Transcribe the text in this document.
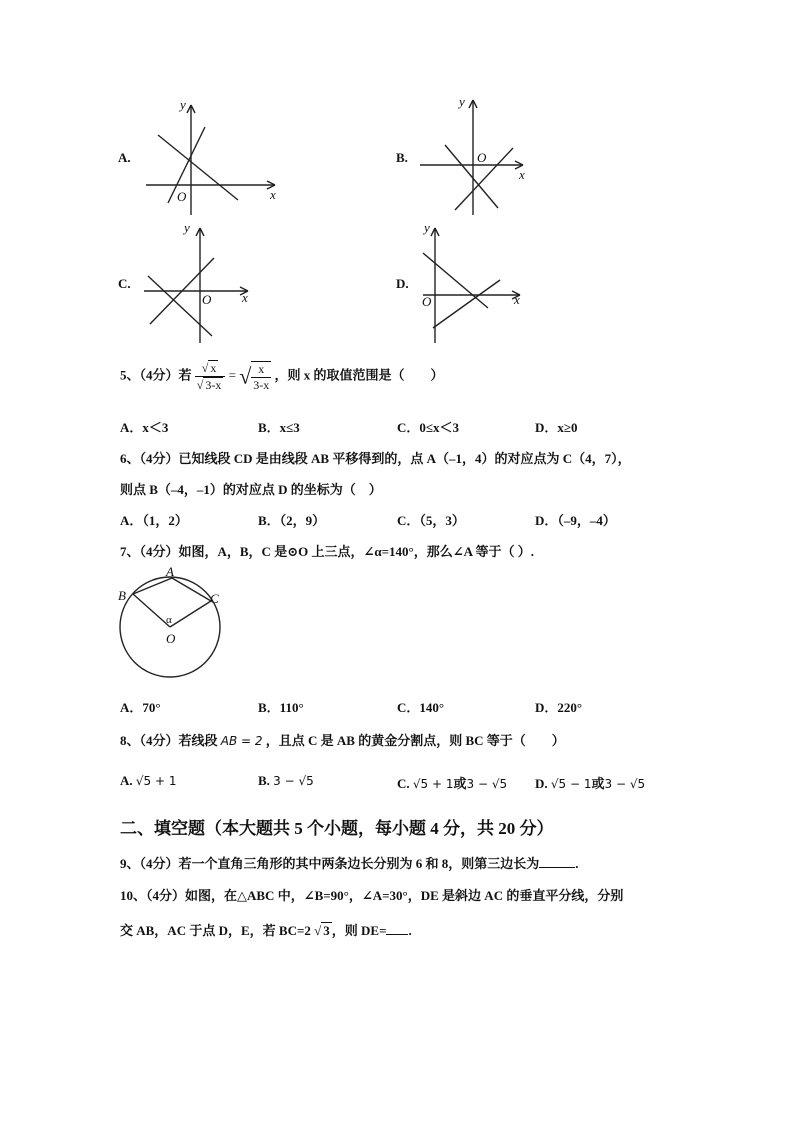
A.
x
y
O
B.
x
y
O
C.
x
y
O
D.
x
y
O
5、（4分）若 $\frac{√ x}{√ 3-x}$ = √ $\frac{x}{3-x}$ ，则 x 的取值范围是（　　）
A．x＜3	B．x≤3	C．0≤x＜3	D．x≥0
6、（4分）已知线段 CD 是由线段 AB 平移得到的，点 A（–1，4）的对应点为 C（4，7），
则点 B（–4，–1）的对应点 D 的坐标为（　）
A．（1，2）	B．（2，9）	C．（5，3）	D．（–9，–4）
7、（4分）如图，A，B，C 是⊙O 上三点，∠α=140°，那么∠A 等于（ ）.
A
B	C
O
α
A．70°	B．110°	C．140°	D．220°
8、（4分）若线段 AB = 2 ，且点 C 是 AB 的黄金分割点，则 BC 等于（　　）
A. √5 + 1	B. 3 − √5	C. √5 + 1或3 − √5 D. √5 − 1或3 − √5
二、填空题（本大题共 5 个小题，每小题 4 分，共 20 分）
9、（4分）若一个直角三角形的其中两条边长分别为 6 和 8，则第三边长为	.
10、（4分）如图，在△ABC 中，∠B=90°，∠A=30°，DE 是斜边 AC 的垂直平分线，分别
交 AB，AC 于点 D，E，若 BC=2 √ 3 ，则 DE= .
